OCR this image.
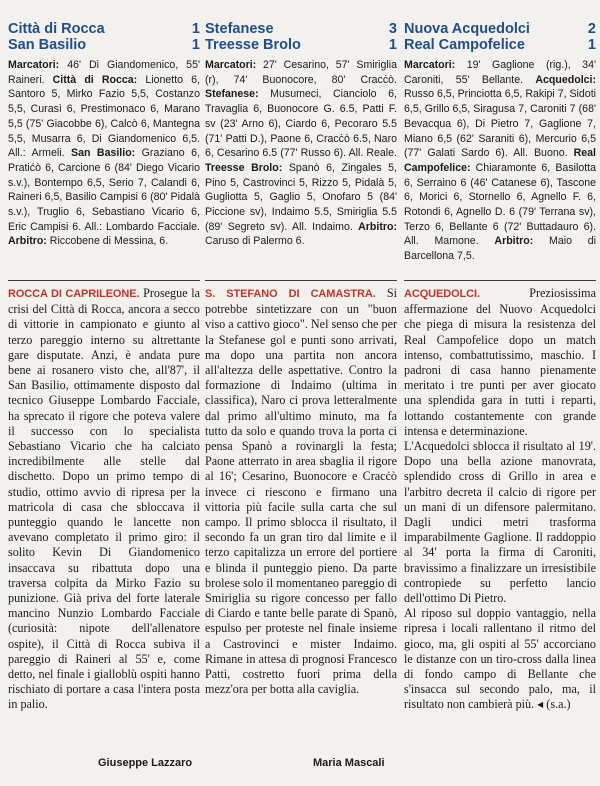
Città di Rocca	1
San Basilio	1
Marcatori: 46' Di Giandomenico, 55' Raineri. Città di Rocca: Lionetto 6, Santoro 5, Mirko Fazio 5,5, Costanzo 5,5, Curasì 6, Prestimonaco 6, Marano 5,5 (75' Giacobbe 6), Calcò 6, Mantegna 5,5, Musarra 6, Di Giandomenico 6,5. All.: Armeli. San Basilio: Graziano 6, Pratićò 6, Carcione 6 (84' Diego Vicario s.v.), Bontempo 6,5, Serio 7, Calandi 6, Raineri 6,5, Basilio Campisi 6 (80' Pidalà s.v.), Truglio 6, Sebastiano Vicario 6, Eric Campisi 6. All.: Lombardo Facciale. Arbitro: Riccobene di Messina, 6.
Stefanese	3
Treesse Brolo	1
Marcatori: 27' Cesarino, 57' Smiriglia (r), 74' Buonocore, 80' Cracċò. Stefanese: Musumeci, Cianciolo 6, Travaglia 6, Buonocore G. 6.5, Patti F. sv (23' Arno 6), Ciardo 6, Pecoraro 5.5 (71' Patti D.), Paone 6, Cracċò 6.5, Naro 6, Cesarino 6.5 (77' Russo 6). All. Reale. Treesse Brolo: Spanò 6, Zingales 5, Pino 5, Castrovinci 5, Rizzo 5, Pidalà 5, Gugliotta 5, Gaglio 5, Onofaro 5 (84' Piccione sv), Indaimo 5.5, Smiriglia 5.5 (89' Segreto sv). All. Indaimo. Arbitro: Caruso di Palermo 6.
Nuova Acquedolci	2
Real Campofelice	1
Marcatori: 19' Gaglione (rig.), 34' Caroniti, 55' Bellante. Acquedolci: Russo 6,5, Princiotta 6,5, Rakipi 7, Sidoti 6,5, Grillo 6,5, Siragusa 7, Caroniti 7 (68' Bevacqua 6), Di Pietro 7, Gaglione 7, Miano 6,5 (62' Saraniti 6), Mercurio 6,5 (77' Galati Sardo 6). All. Buono. Real Campofelice: Chiaramonte 6, Basilotta 6, Serraino 6 (46' Catanese 6), Tascone 6, Morici 6, Stornello 6, Agnello F. 6, Rotondi 6, Agnello D. 6 (79' Terrana sv), Terzo 6, Bellante 6 (72' Buttadauro 6). All. Mamone. Arbitro: Maio di Barcellona 7,5.

ROCCA DI CAPRILEONE. Prosegue la crisi del Città di Rocca, ancora a secco di vittorie in campionato e giunto al terzo pareggio interno su altrettante gare disputate. Anzi, è andata pure bene ai rosanero visto che, all'87', il San Basilio, ottimamente disposto dal tecnico Giuseppe Lombardo Facciale, ha sprecato il rigore che poteva valere il successo con lo specialista Sebastiano Vicario che ha calciato incredibilmente alle stelle dal dischetto. Dopo un primo tempo di studio, ottimo avvio di ripresa per la matricola di casa che sbloccava il punteggio quando le lancette non avevano completato il primo giro: il solito Kevin Di Giandomenico insaccava su ribattuta dopo una traversa colpita da Mirko Fazio su punizione. Già priva del forte laterale mancino Nunzio Lombardo Facciale (curiosità: nipote dell'allenatore ospite), il Città di Rocca subiva il pareggio di Raineri al 55' e, come detto, nel finale i gialloblù ospiti hanno rischiato di portare a casa l'intera posta in palio.

Giuseppe Lazzaro

S. STEFANO DI CAMASTRA. Si potrebbe sintetizzare con un "buon viso a cattivo gioco". Nel senso che per la Stefanese gol e punti sono arrivati, ma dopo una partita non ancora all'altezza delle aspettative. Contro la formazione di Indaimo (ultima in classifica), Naro ci prova letteralmente dal primo all'ultimo minuto, ma fa tutto da solo e quando trova la porta ci pensa Spanò a rovinargli la festa; Paone atterrato in area sbaglia il rigore al 16'; Cesarino, Buonocore e Cracċò invece ci riescono e firmano una vittoria più facile sulla carta che sul campo. Il primo sblocca il risultato, il secondo fa un gran tiro dal limite e il terzo capitalizza un errore del portiere e blinda il punteggio pieno. Da parte brolese solo il momentaneo pareggio di Smiriglia su rigore concesso per fallo di Ciardo e tante belle parate di Spanò, espulso per proteste nel finale insieme a Castrovinci e mister Indaimo. Rimane in attesa di prognosi Francesco Patti, costretto fuori prima della mezz'ora per botta alla caviglia.

Maria Mascali

ACQUEDOLCI. Preziosissima affermazione del Nuovo Acquedolci che piega di misura la resistenza del Real Campofelice dopo un match intenso, combattutissimo, maschio. I padroni di casa hanno pienamente meritato i tre punti per aver giocato una splendida gara in tutti i reparti, lottando costantemente con grande intensa e determinazione.

L'Acquedolci sblocca il risultato al 19'. Dopo una bella azione manovrata, splendido cross di Grillo in area e l'arbitro decreta il calcio di rigore per un mani di un difensore palermitano. Dagli undici metri trasforma imparabilmente Gaglione. Il raddoppio al 34' porta la firma di Caroniti, bravissimo a finalizzare un irresistibile contropiede su perfetto lancio dell'ottimo Di Pietro.

Al riposo sul doppio vantaggio, nella ripresa i locali rallentano il ritmo del gioco, ma, gli ospiti al 55' accorciano le distanze con un tiro-cross dalla linea di fondo campo di Bellante che s'insacca sul secondo palo, ma, il risultato non cambierà più. ◂ (s.a.)
